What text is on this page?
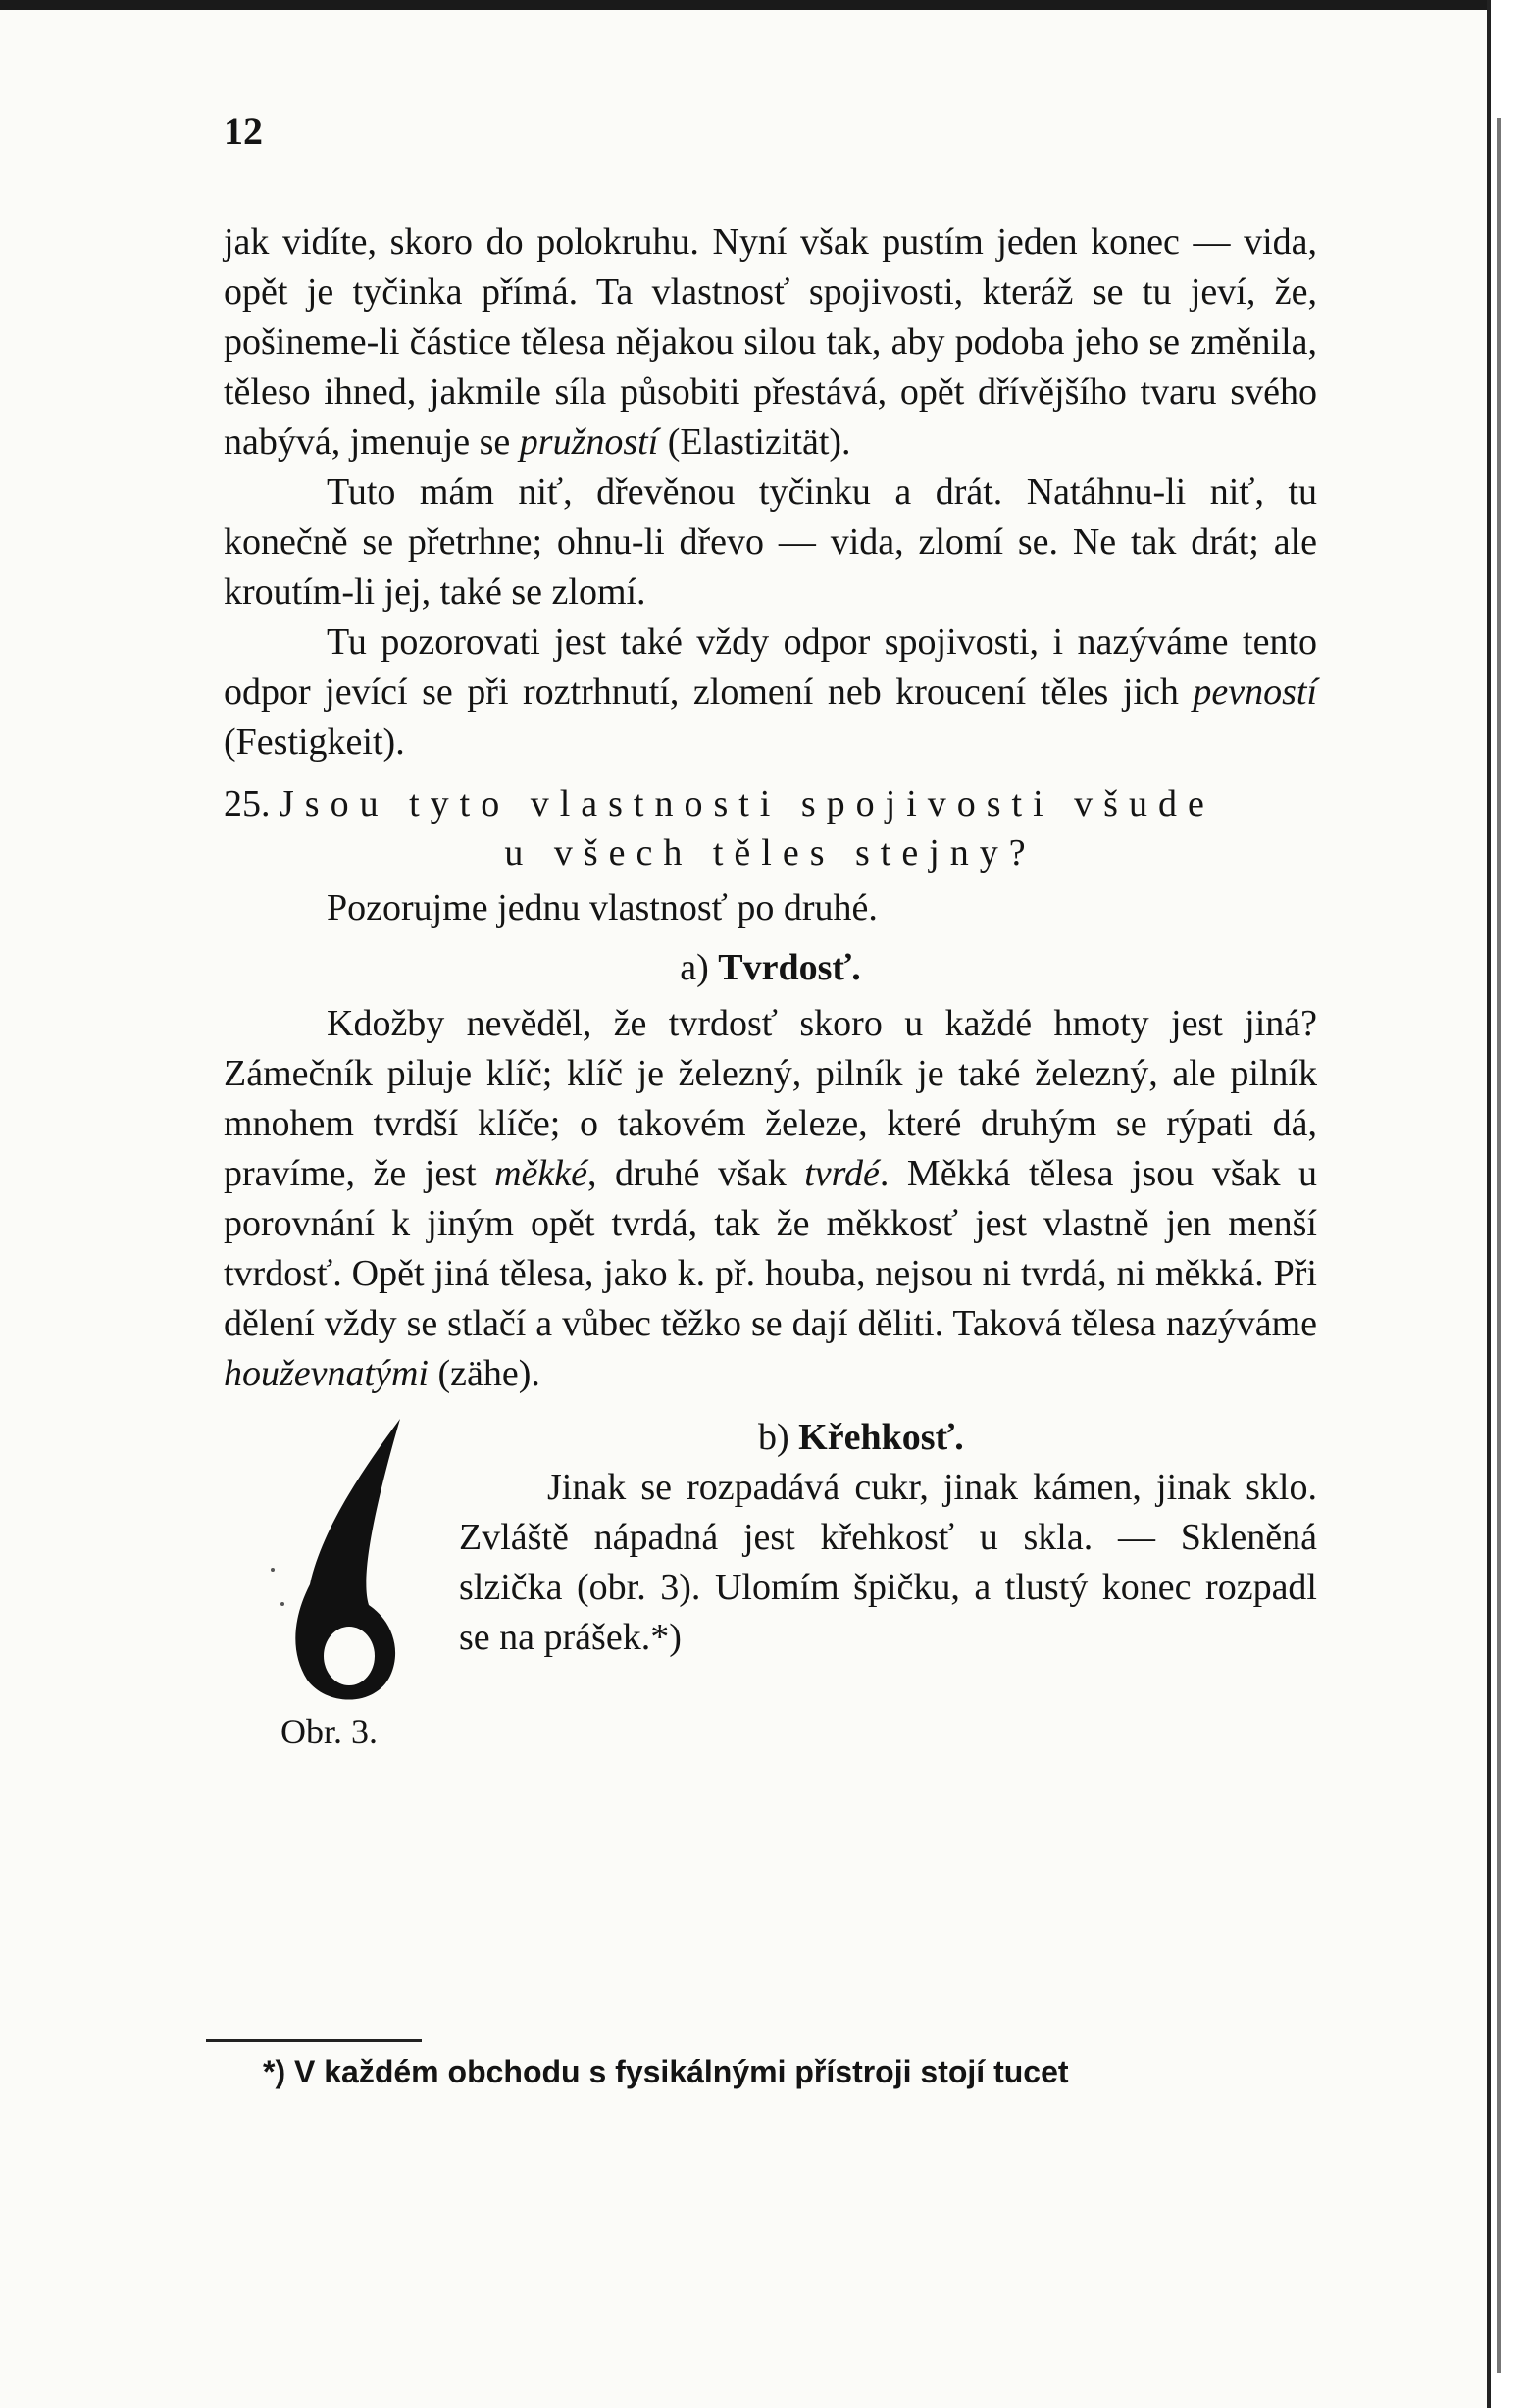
12

jak vidíte, skoro do polokruhu. Nyní však pustím jeden konec — vida, opět je tyčinka přímá. Ta vlastnosť spojivosti, kteráž se tu jeví, že, pošineme-li částice tělesa nějakou silou tak, aby podoba jeho se změnila, těleso ihned, jakmile síla působiti přestává, opět dřívějšího tvaru svého nabývá, jmenuje se pružností (Elastizität).

Tuto mám niť, dřevěnou tyčinku a drát. Natáhnu-li niť, tu konečně se přetrhne; ohnu-li dřevo — vida, zlomí se. Ne tak drát; ale kroutím-li jej, také se zlomí.

Tu pozorovati jest také vždy odpor spojivosti, i nazýváme tento odpor jevící se při roztrhnutí, zlomení neb kroucení těles jich pevností (Festigkeit).

25. Jsou tyto vlastnosti spojivosti všude
u všech těles stejny?

Pozorujme jednu vlastnosť po druhé.

a) Tvrdosť.

Kdožby nevěděl, že tvrdosť skoro u každé hmoty jest jiná? Zámečník piluje klíč; klíč je železný, pilník je také železný, ale pilník mnohem tvrdší klíče; o takovém železe, které druhým se rýpati dá, pravíme, že jest měkké, druhé však tvrdé. Měkká tělesa jsou však u porovnání k jiným opět tvrdá, tak že měkkosť jest vlastně jen menší tvrdosť. Opět jiná tělesa, jako k. př. houba, nejsou ni tvrdá, ni měkká. Při dělení vždy se stlačí a vůbec těžko se dají děliti. Taková tělesa nazýváme houževnatými (zähe).

Obr. 3.
b) Křehkosť.

Jinak se rozpadává cukr, jinak kámen, jinak sklo. Zvláště nápadná jest křehkosť u skla. — Skleněná slzička (obr. 3). Ulomím špičku, a tlustý konec rozpadl se na prášek.*)

*) V každém obchodu s fysikálnými přístroji stojí tucet
